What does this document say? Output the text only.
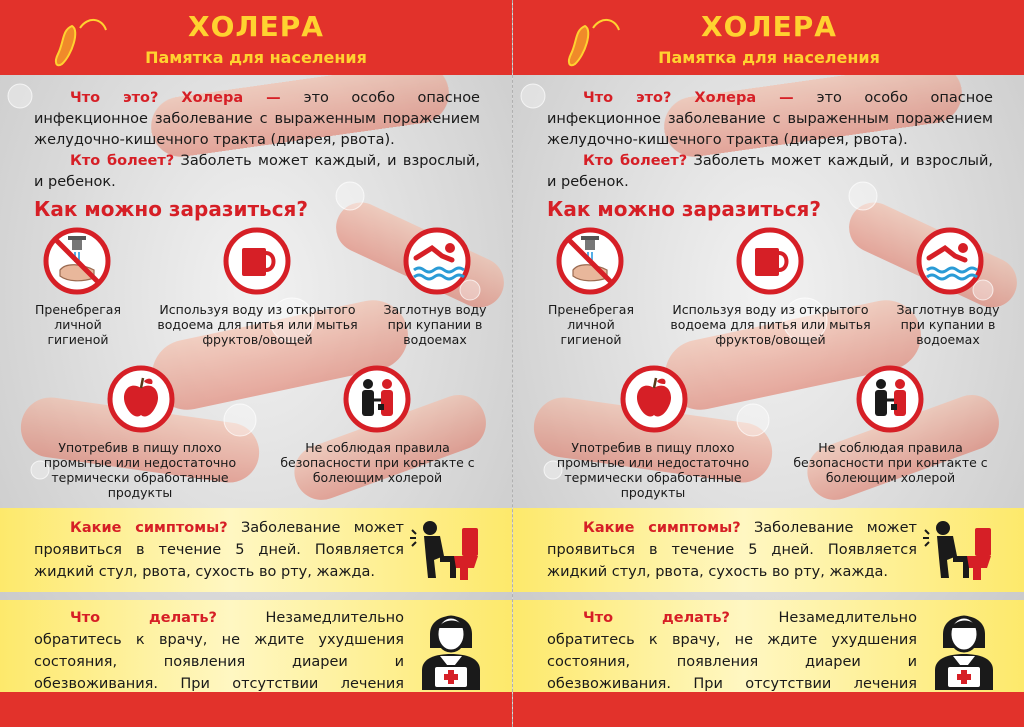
ХОЛЕРА
Памятка для населения

Что это? Холера — это особо опасное инфекционное заболевание с выраженным поражением желудочно-кишечного тракта (диарея, рвота).

Кто болеет? Заболеть может каждый, и взрослый, и ребенок.

Как можно заразиться?
Пренебрегая личной гигиеной
Используя воду из открытого водоема для питья или мытья фруктов/овощей
Заглотнув воду при купании в водоемах
Употребив в пищу плохо промытые или недостаточно термически обработанные продукты
Не соблюдая правила безопасности при контакте с болеющим холерой

Какие симптомы? Заболевание может проявиться в течение 5 дней. Появляется жидкий стул, рвота, сухость во рту, жажда.

Что делать?	Незамедлительно обратитесь к врачу, не ждите ухудшения состояния, появления диареи и обезвоживания. При отсутствии лечения

ХОЛЕРА
Памятка для населения

Что это? Холера — это особо опасное инфекционное заболевание с выраженным поражением желудочно-кишечного тракта (диарея, рвота).

Кто болеет? Заболеть может каждый, и взрослый, и ребенок.

Как можно заразиться?
Пренебрегая личной гигиеной
Используя воду из открытого водоема для питья или мытья фруктов/овощей
Заглотнув воду при купании в водоемах
Употребив в пищу плохо промытые или недостаточно термически обработанные продукты
Не соблюдая правила безопасности при контакте с болеющим холерой

Какие симптомы? Заболевание может проявиться в течение 5 дней. Появляется жидкий стул, рвота, сухость во рту, жажда.

Что делать?	Незамедлительно обратитесь к врачу, не ждите ухудшения состояния, появления диареи и обезвоживания. При отсутствии лечения
